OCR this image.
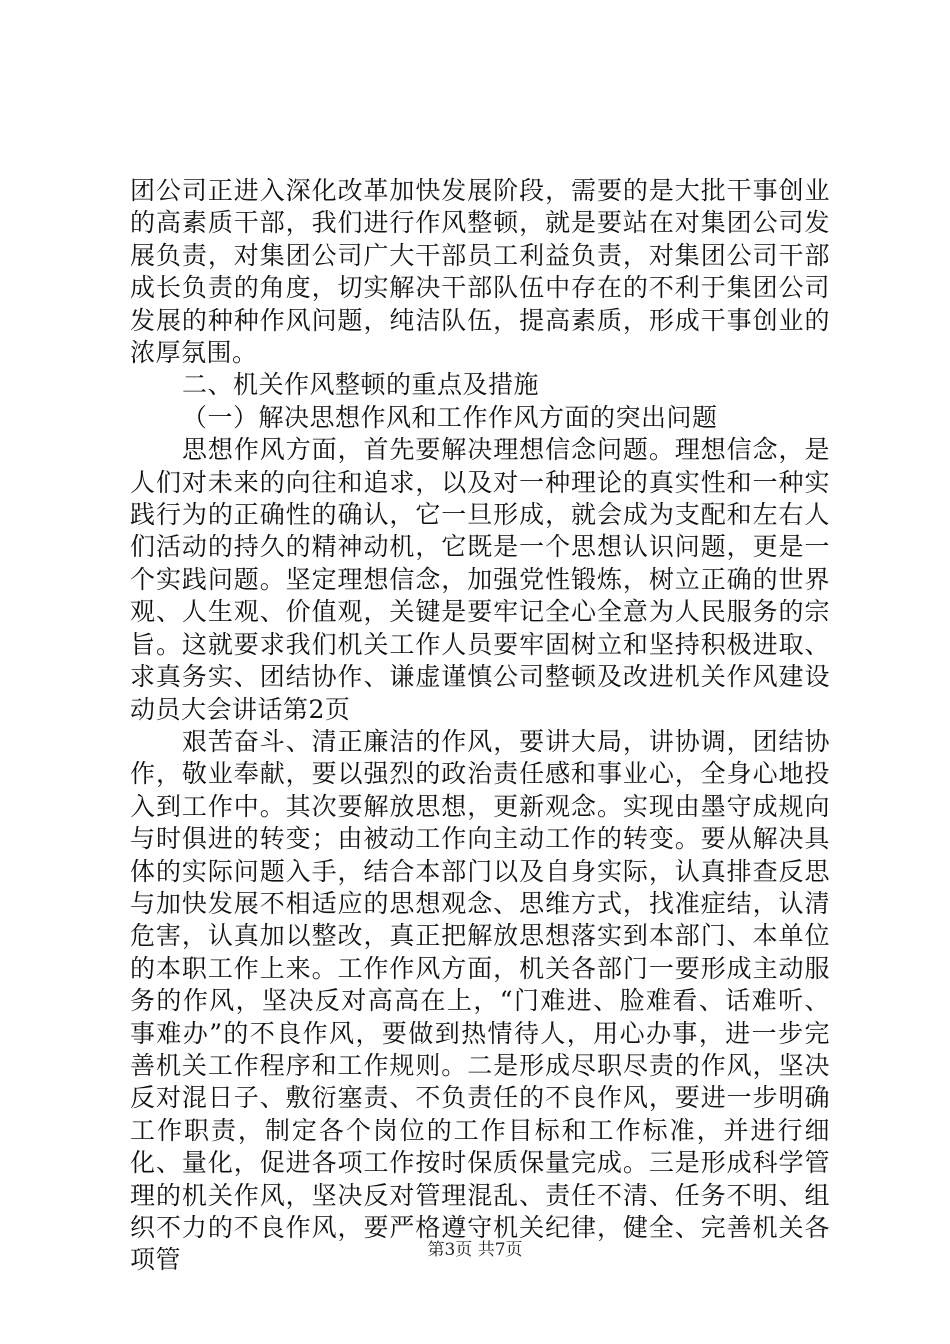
团公司正进入深化改革加快发展阶段，需要的是大批干事创业的高素质干部，我们进行作风整顿，就是要站在对集团公司发展负责，对集团公司广大干部员工利益负责，对集团公司干部成长负责的角度，切实解决干部队伍中存在的不利于集团公司发展的种种作风问题，纯洁队伍，提高素质，形成干事创业的浓厚氛围。

二、机关作风整顿的重点及措施

（一）解决思想作风和工作作风方面的突出问题

思想作风方面，首先要解决理想信念问题。理想信念，是人们对未来的向往和追求，以及对一种理论的真实性和一种实践行为的正确性的确认，它一旦形成，就会成为支配和左右人们活动的持久的精神动机，它既是一个思想认识问题，更是一个实践问题。坚定理想信念，加强党性锻炼，树立正确的世界观、人生观、价值观，关键是要牢记全心全意为人民服务的宗旨。这就要求我们机关工作人员要牢固树立和坚持积极进取、求真务实、团结协作、谦虚谨慎公司整顿及改进机关作风建设动员大会讲话第2页

艰苦奋斗、清正廉洁的作风，要讲大局，讲协调，团结协作，敬业奉献，要以强烈的政治责任感和事业心，全身心地投入到工作中。其次要解放思想，更新观念。实现由墨守成规向与时俱进的转变；由被动工作向主动工作的转变。要从解决具体的实际问题入手，结合本部门以及自身实际，认真排查反思与加快发展不相适应的思想观念、思维方式，找准症结，认清危害，认真加以整改，真正把解放思想落实到本部门、本单位的本职工作上来。工作作风方面，机关各部门一要形成主动服务的作风，坚决反对高高在上，“门难进、脸难看、话难听、事难办”的不良作风，要做到热情待人，用心办事，进一步完善机关工作程序和工作规则。二是形成尽职尽责的作风，坚决反对混日子、敷衍塞责、不负责任的不良作风，要进一步明确工作职责，制定各个岗位的工作目标和工作标准，并进行细化、量化，促进各项工作按时保质保量完成。三是形成科学管理的机关作风，坚决反对管理混乱、责任不清、任务不明、组织不力的不良作风，要严格遵守机关纪律，健全、完善机关各项管	第3页 共7页
